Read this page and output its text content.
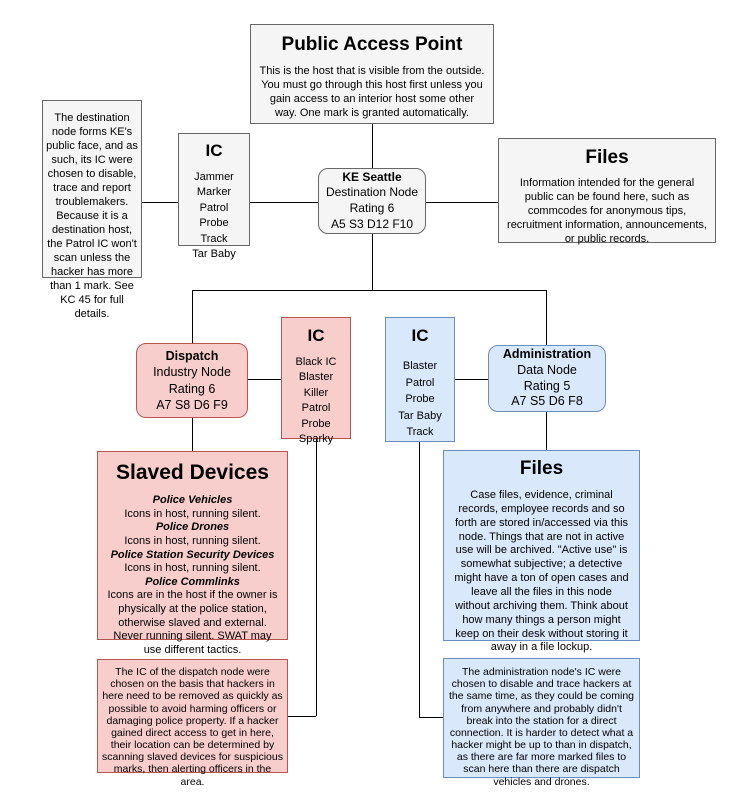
Public Access Point
This is the host that is visible from the outside. You must go through this host first unless you gain access to an interior host some other way. One mark is granted automatically.
The destination node forms KE's public face, and as such, its IC were chosen to disable, trace and report troublemakers. Because it is a destination host, the Patrol IC won't scan unless the hacker has more than 1 mark. See KC 45 for full details.
IC
Jammer
Marker
Patrol
Probe
Track
Tar Baby
KE Seattle
Destination Node
Rating 6
A5 S3 D12 F10
Files
Information intended for the general public can be found here, such as commcodes for anonymous tips, recruitment information, announcements, or public records.
Dispatch
Industry Node
Rating 6
A7 S8 D6 F9
IC
Black IC
Blaster
Killer
Patrol
Probe
Sparky
IC
Blaster
Patrol
Probe
Tar Baby
Track
Administration
Data Node
Rating 5
A7 S5 D6 F8
Slaved Devices
Police Vehicles
Icons in host, running silent.
Police Drones
Icons in host, running silent.
Police Station Security Devices
Icons in host, running silent.
Police Commlinks
Icons are in the host if the owner is physically at the police station, otherwise slaved and external. Never running silent. SWAT may use different tactics.
Files
Case files, evidence, criminal records, employee records and so forth are stored in/accessed via this node. Things that are not in active use will be archived. "Active use" is somewhat subjective; a detective might have a ton of open cases and leave all the files in this node without archiving them. Think about how many things a person might keep on their desk without storing it away in a file lockup.
The IC of the dispatch node were chosen on the basis that hackers in here need to be removed as quickly as possible to avoid harming officers or damaging police property. If a hacker gained direct access to get in here, their location can be determined by scanning slaved devices for suspicious marks, then alerting officers in the area.
The administration node's IC were chosen to disable and trace hackers at the same time, as they could be coming from anywhere and probably didn't break into the station for a direct connection. It is harder to detect what a hacker might be up to than in dispatch, as there are far more marked files to scan here than there are dispatch vehicles and drones.
